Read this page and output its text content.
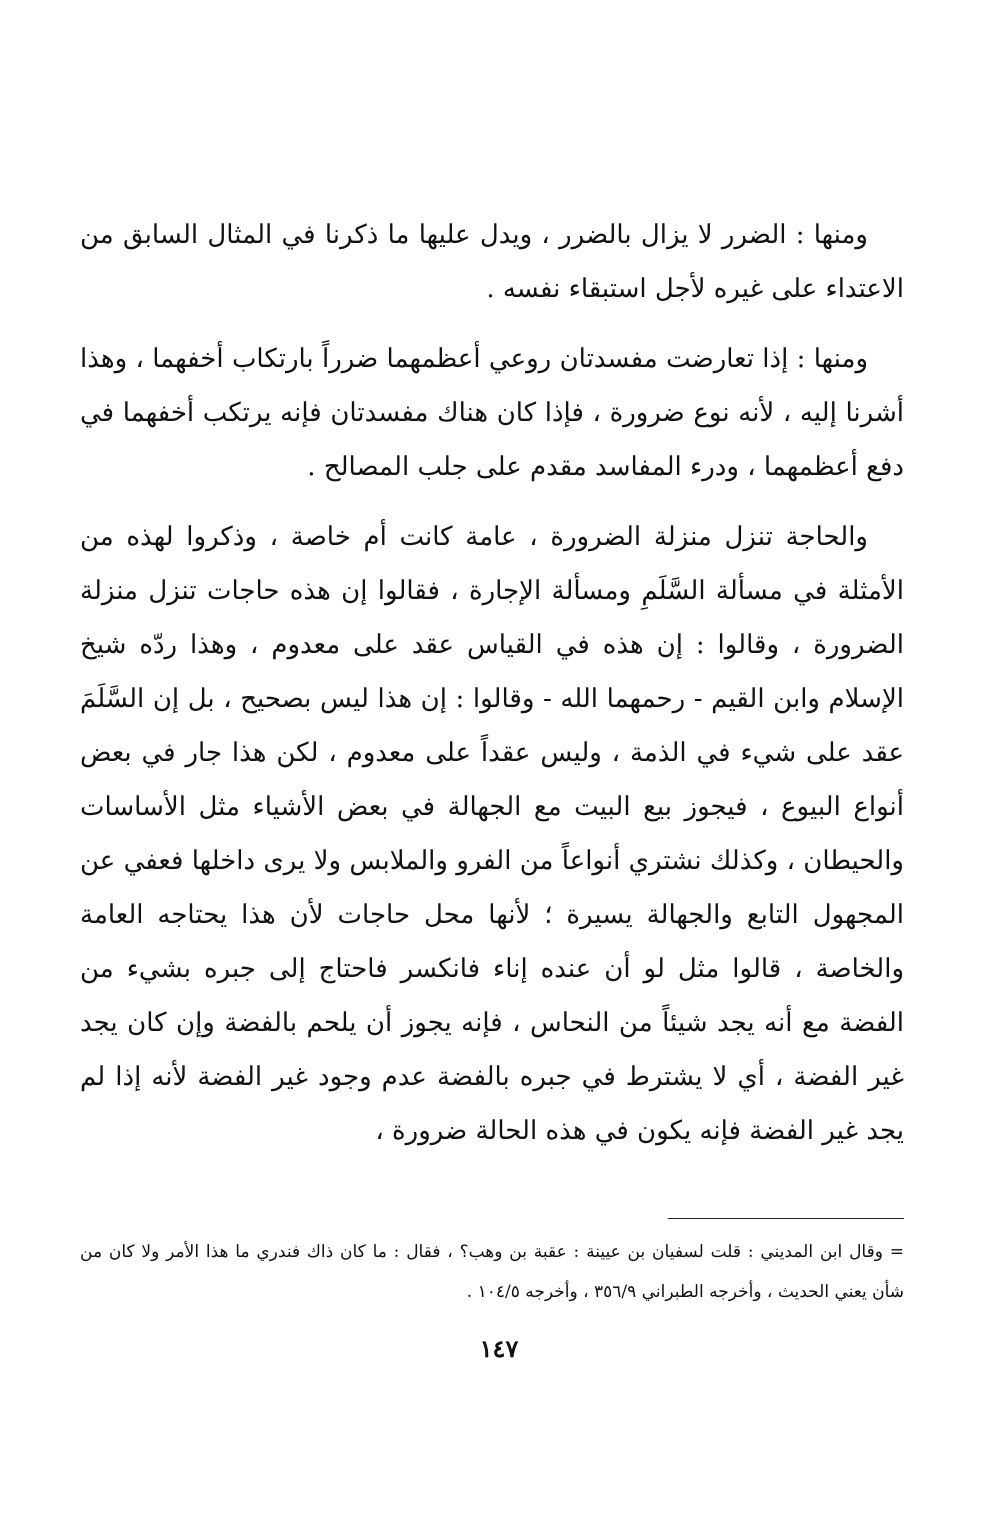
ومنها : الضرر لا يزال بالضرر ، ويدل عليها ما ذكرنا في المثال السابق من الاعتداء على غيره لأجل استبقاء نفسه .

ومنها : إذا تعارضت مفسدتان روعي أعظمهما ضرراً بارتكاب أخفهما ، وهذا أشرنا إليه ، لأنه نوع ضرورة ، فإذا كان هناك مفسدتان فإنه يرتكب أخفهما في دفع أعظمهما ، ودرء المفاسد مقدم على جلب المصالح .

والحاجة تنزل منزلة الضرورة ، عامة كانت أم خاصة ، وذكروا لهذه من الأمثلة في مسألة السَّلَمِ ومسألة الإجارة ، فقالوا إن هذه حاجات تنزل منزلة الضرورة ، وقالوا : إن هذه في القياس عقد على معدوم ، وهذا ردّه شيخ الإسلام وابن القيم - رحمهما الله - وقالوا : إن هذا ليس بصحيح ، بل إن السَّلَمَ عقد على شيء في الذمة ، وليس عقداً على معدوم ، لكن هذا جار في بعض أنواع البيوع ، فيجوز بيع البيت مع الجهالة في بعض الأشياء مثل الأساسات والحيطان ، وكذلك نشتري أنواعاً من الفرو والملابس ولا يرى داخلها فعفي عن المجهول التابع والجهالة يسيرة ؛ لأنها محل حاجات لأن هذا يحتاجه العامة والخاصة ، قالوا مثل لو أن عنده إناء فانكسر فاحتاج إلى جبره بشيء من الفضة مع أنه يجد شيئاً من النحاس ، فإنه يجوز أن يلحم بالفضة وإن كان يجد غير الفضة ، أي لا يشترط في جبره بالفضة عدم وجود غير الفضة لأنه إذا لم يجد غير الفضة فإنه يكون في هذه الحالة ضرورة ،

= وقال ابن المديني : قلت لسفيان بن عيينة : عقبة بن وهب؟ ، فقال : ما كان ذاك فندري ما هذا الأمر ولا كان من شأن يعني الحديث ، وأخرجه الطبراني ٣٥٦/٩ ، وأخرجه ١٠٤/٥ .

١٤٧
